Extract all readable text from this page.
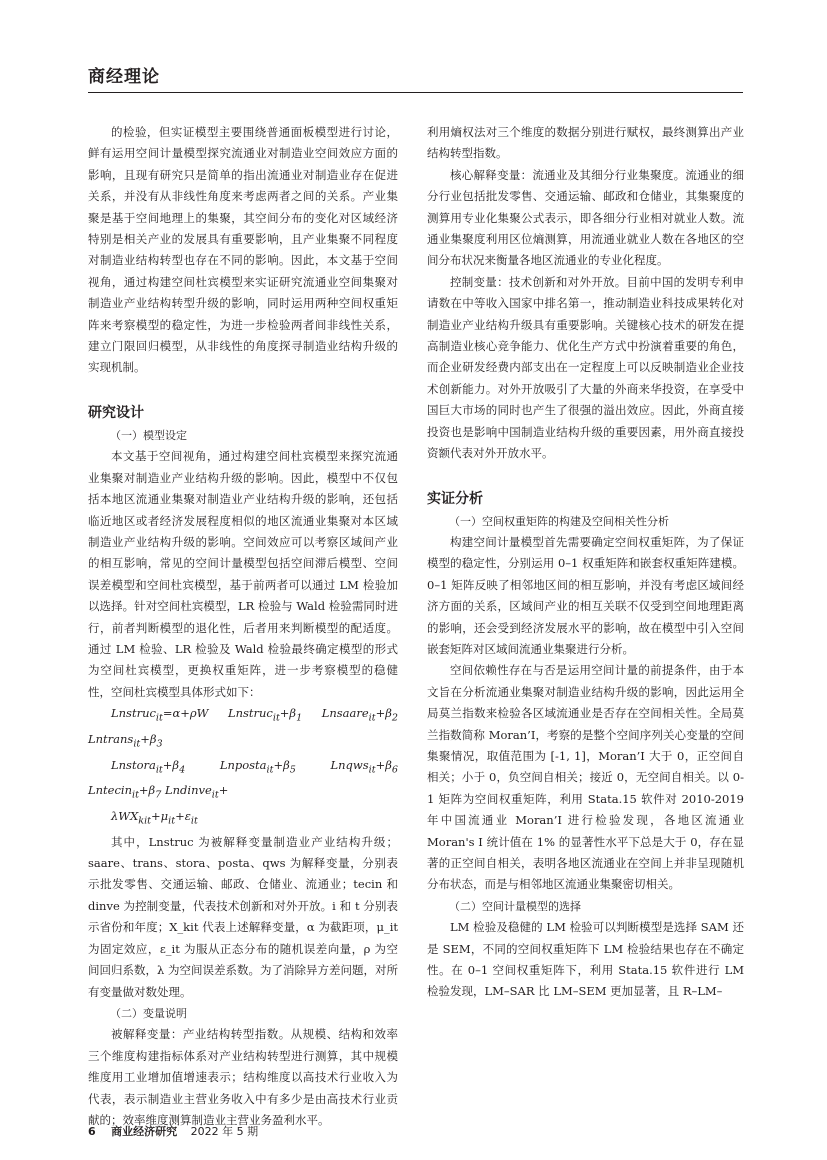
商经理论

的检验，但实证模型主要围绕普通面板模型进行讨论，鲜有运用空间计量模型探究流通业对制造业空间效应方面的影响，且现有研究只是简单的指出流通业对制造业存在促进关系，并没有从非线性角度来考虑两者之间的关系。产业集聚是基于空间地理上的集聚，其空间分布的变化对区域经济特别是相关产业的发展具有重要影响，且产业集聚不同程度对制造业结构转型也存在不同的影响。因此，本文基于空间视角，通过构建空间杜宾模型来实证研究流通业空间集聚对制造业产业结构转型升级的影响，同时运用两种空间权重矩阵来考察模型的稳定性，为进一步检验两者间非线性关系，建立门限回归模型，从非线性的角度探寻制造业结构升级的实现机制。

研究设计

（一）模型设定

本文基于空间视角，通过构建空间杜宾模型来探究流通业集聚对制造业产业结构升级的影响。因此，模型中不仅包括本地区流通业集聚对制造业产业结构升级的影响，还包括临近地区或者经济发展程度相似的地区流通业集聚对本区域制造业产业结构升级的影响。空间效应可以考察区域间产业的相互影响，常见的空间计量模型包括空间滞后模型、空间误差模型和空间杜宾模型，基于前两者可以通过 LM 检验加以选择。针对空间杜宾模型，LR 检验与 Wald 检验需同时进行，前者判断模型的退化性，后者用来判断模型的配适度。通过 LM 检验、LR 检验及 Wald 检验最终确定模型的形式为空间杜宾模型，更换权重矩阵，进一步考察模型的稳健性，空间杜宾模型具体形式如下：

Lnstruc$_{it}$=α+ρW $Lnstruc_{it}+\beta_1$ $Lnsaare_{it}+\beta_2$ $Lntrans_{it}+\beta_3$

$Lnstora_{it}+\beta_4$ $Lnposta_{it}+\beta_5$ $Lnqws_{it}+\beta_6$ $Lntecin_{it}+\beta_7$ Lndinve$_{it}$+

$\lambda WX_{kit}+\mu_{it}+\varepsilon_{it}$

其中，Lnstruc 为被解释变量制造业产业结构升级；saare、trans、stora、posta、qws 为解释变量，分别表示批发零售、交通运输、邮政、仓储业、流通业；tecin 和 dinve 为控制变量，代表技术创新和对外开放。i 和 t 分别表示省份和年度；X_kit 代表上述解释变量，α 为截距项，μ_it 为固定效应，ε_it 为服从正态分布的随机误差向量，ρ 为空间回归系数，λ 为空间误差系数。为了消除异方差问题，对所有变量做对数处理。

（二）变量说明

被解释变量：产业结构转型指数。从规模、结构和效率三个维度构建指标体系对产业结构转型进行测算，其中规模维度用工业增加值增速表示；结构维度以高技术行业收入为代表，表示制造业主营业务收入中有多少是由高技术行业贡献的；效率维度测算制造业主营业务盈利水平。

利用熵权法对三个维度的数据分别进行赋权，最终测算出产业结构转型指数。

核心解释变量：流通业及其细分行业集聚度。流通业的细分行业包括批发零售、交通运输、邮政和仓储业，其集聚度的测算用专业化集聚公式表示，即各细分行业相对就业人数。流通业集聚度利用区位熵测算，用流通业就业人数在各地区的空间分布状况来衡量各地区流通业的专业化程度。

控制变量：技术创新和对外开放。目前中国的发明专利申请数在中等收入国家中排名第一，推动制造业科技成果转化对制造业产业结构升级具有重要影响。关键核心技术的研发在提高制造业核心竞争能力、优化生产方式中扮演着重要的角色，而企业研发经费内部支出在一定程度上可以反映制造业企业技术创新能力。对外开放吸引了大量的外商来华投资，在享受中国巨大市场的同时也产生了很强的溢出效应。因此，外商直接投资也是影响中国制造业结构升级的重要因素，用外商直接投资额代表对外开放水平。

实证分析

（一）空间权重矩阵的构建及空间相关性分析

构建空间计量模型首先需要确定空间权重矩阵，为了保证模型的稳定性，分别运用 0–1 权重矩阵和嵌套权重矩阵建模。0–1 矩阵反映了相邻地区间的相互影响，并没有考虑区域间经济方面的关系，区域间产业的相互关联不仅受到空间地理距离的影响，还会受到经济发展水平的影响，故在模型中引入空间嵌套矩阵对区域间流通业集聚进行分析。

空间依赖性存在与否是运用空间计量的前提条件，由于本文旨在分析流通业集聚对制造业结构升级的影响，因此运用全局莫兰指数来检验各区域流通业是否存在空间相关性。全局莫兰指数简称 Moran’I，考察的是整个空间序列关心变量的空间集聚情况，取值范围为 [-1, 1]，Moran’I 大于 0，正空间自相关；小于 0，负空间自相关；接近 0，无空间自相关。以 0-1 矩阵为空间权重矩阵，利用 Stata.15 软件对 2010-2019 年中国流通业 Moran’I 进行检验发现，各地区流通业 Moran's I 统计值在 1% 的显著性水平下总是大于 0，存在显著的正空间自相关，表明各地区流通业在空间上并非呈现随机分布状态，而是与相邻地区流通业集聚密切相关。

（二）空间计量模型的选择

LM 检验及稳健的 LM 检验可以判断模型是选择 SAM 还是 SEM，不同的空间权重矩阵下 LM 检验结果也存在不确定性。在 0–1 空间权重矩阵下，利用 Stata.15 软件进行 LM 检验发现，LM–SAR 比 LM–SEM 更加显著，且 R–LM–

6 商业经济研究 2022 年 5 期
